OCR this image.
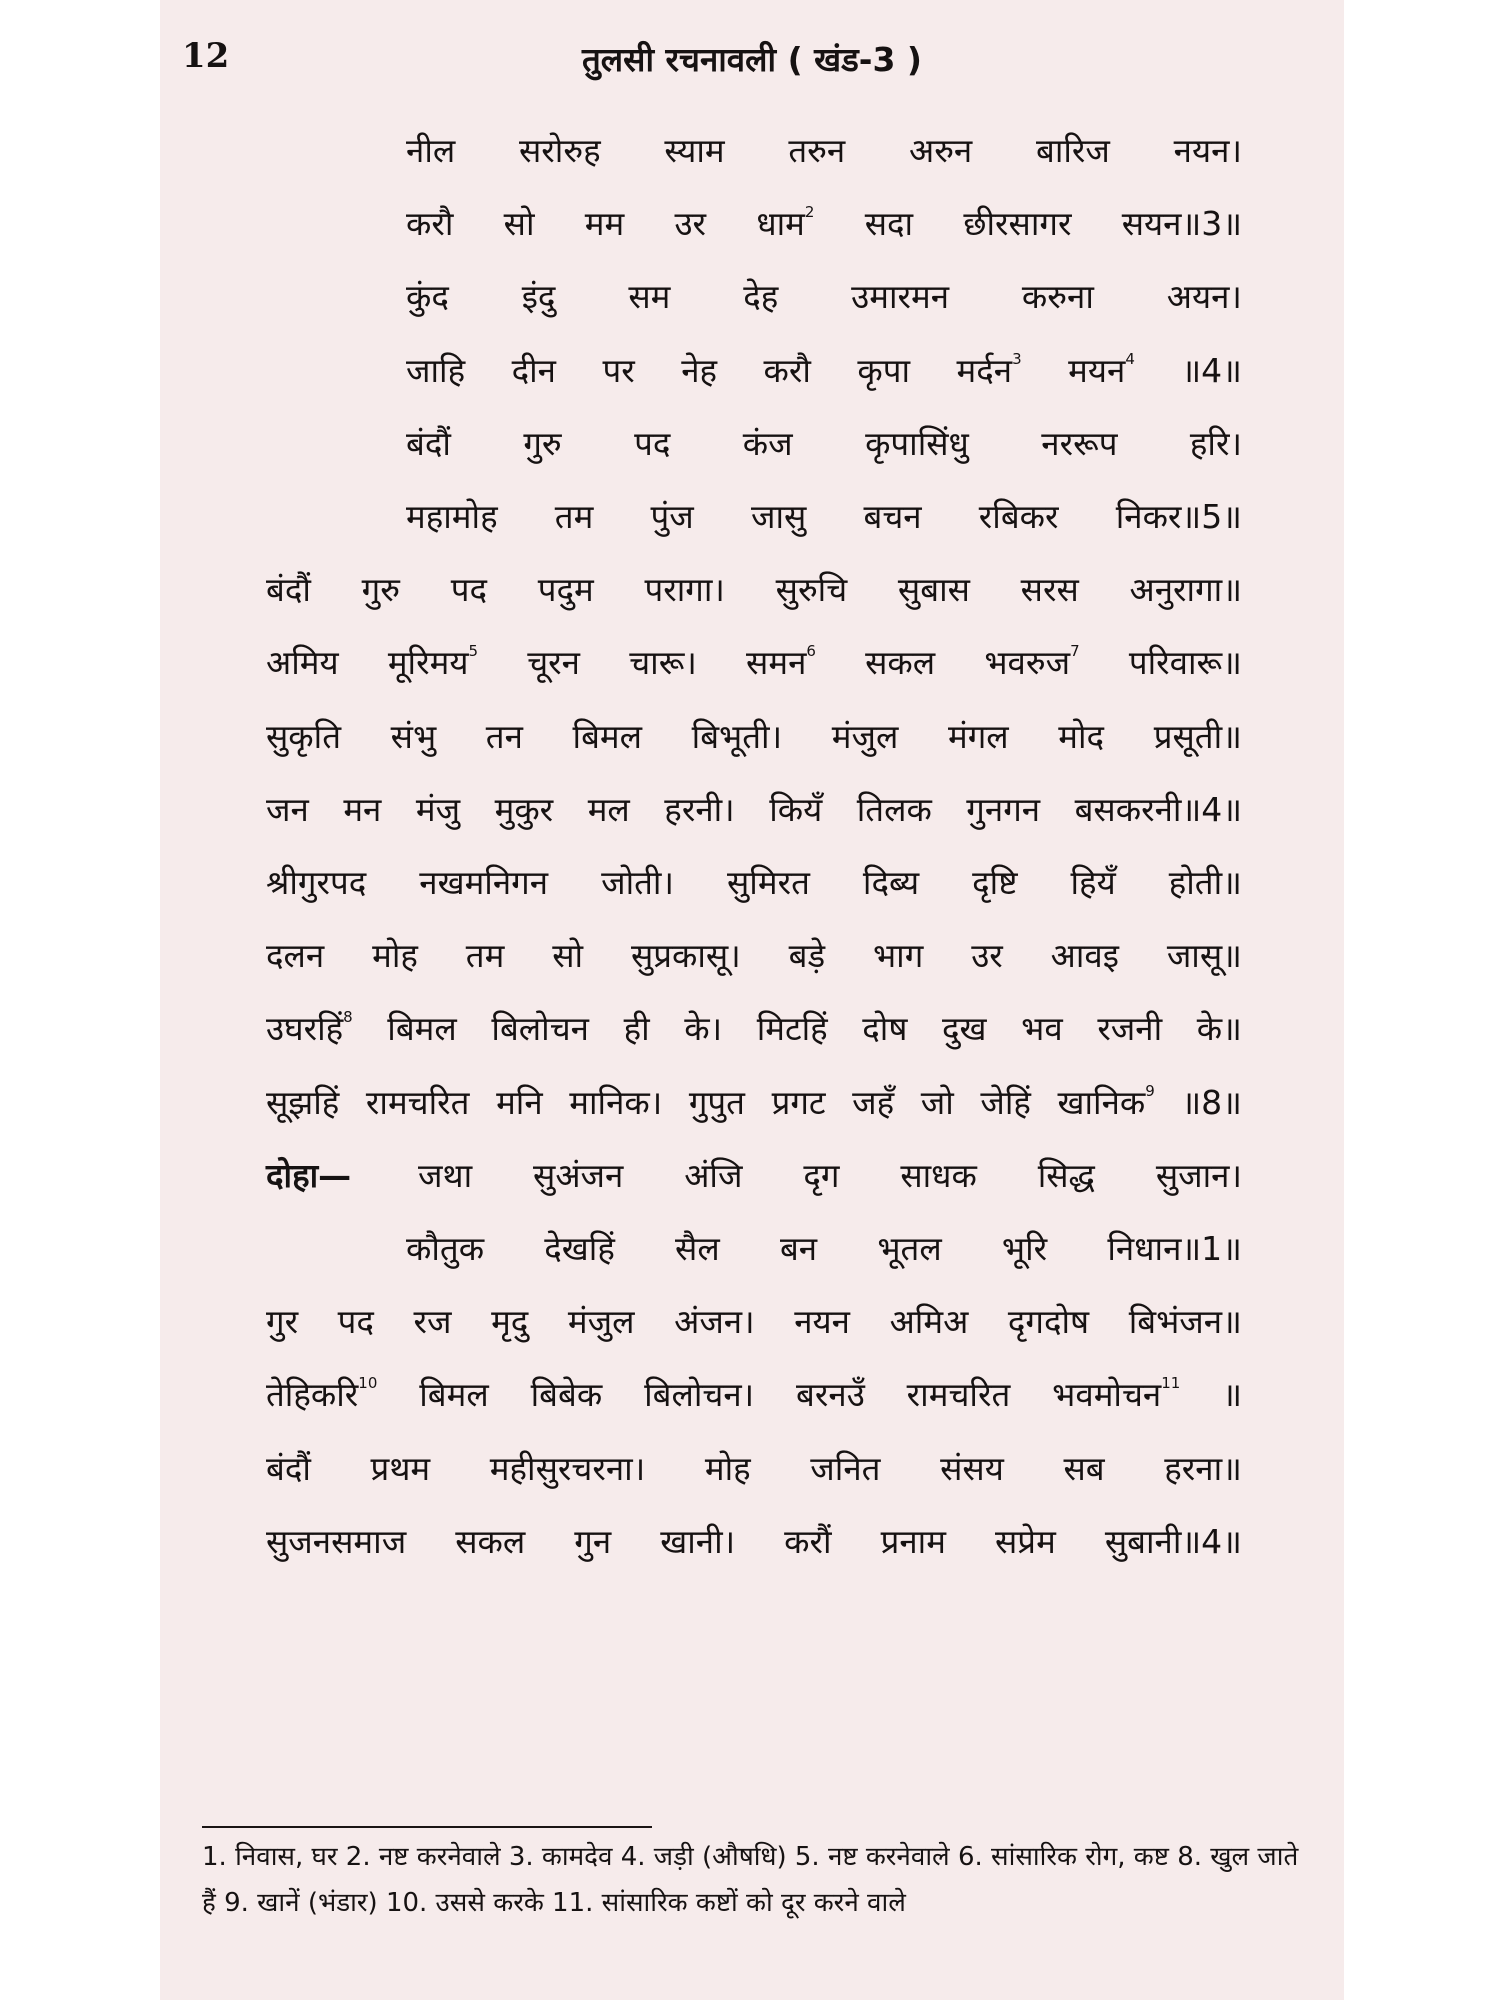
12	तुलसी रचनावली ( खंड-3 )
नील सरोरुह स्याम तरुन अरुन बारिज नयन।
करौ सो मम उर धाम$^2$ सदा छीरसागर सयन॥3॥
कुंद इंदु सम देह उमारमन करुना अयन।
जाहि दीन पर नेह करौ कृपा मर्दन$^3$ मयन$^4$ ॥4॥
बंदौं गुरु पद कंज कृपासिंधु नररूप हरि।
महामोह तम पुंज जासु बचन रबिकर निकर॥5॥
बंदौं गुरु पद पदुम परागा। सुरुचि सुबास सरस अनुरागा॥
अमिय मूरिमय$^5$ चूरन चारू। समन$^6$ सकल भवरुज$^7$ परिवारू॥
सुकृति संभु तन बिमल बिभूती। मंजुल मंगल मोद प्रसूती॥
जन मन मंजु मुकुर मल हरनी। कियँ तिलक गुनगन बसकरनी॥4॥
श्रीगुरपद नखमनिगन जोती। सुमिरत दिब्य दृष्टि हियँ होती॥
दलन मोह तम सो सुप्रकासू। बड़े भाग उर आवइ जासू॥
उघरहिं$^8$ बिमल बिलोचन ही के। मिटहिं दोष दुख भव रजनी के॥
सूझहिं रामचरित मनि मानिक। गुपुत प्रगट जहँ जो जेहिं खानिक$^9$ ॥8॥
दोहा— जथा सुअंजन अंजि दृग साधक सिद्ध सुजान।
कौतुक देखहिं सैल बन भूतल भूरि निधान॥1॥
गुर पद रज मृदु मंजुल अंजन। नयन अमिअ दृगदोष बिभंजन॥
तेहिकरि$^{10}$ बिमल बिबेक बिलोचन। बरनउँ रामचरित भवमोचन$^{11}$ ॥
बंदौं प्रथम महीसुरचरना। मोह जनित संसय सब हरना॥
सुजनसमाज सकल गुन खानी। करौं प्रनाम सप्रेम सुबानी॥4॥
1. निवास, घर 2. नष्ट करनेवाले 3. कामदेव 4. जड़ी (औषधि) 5. नष्ट करनेवाले 6. सांसारिक रोग, कष्ट 8. खुल जाते हैं 9. खानें (भंडार) 10. उससे करके 11. सांसारिक कष्टों को दूर करने वाले
